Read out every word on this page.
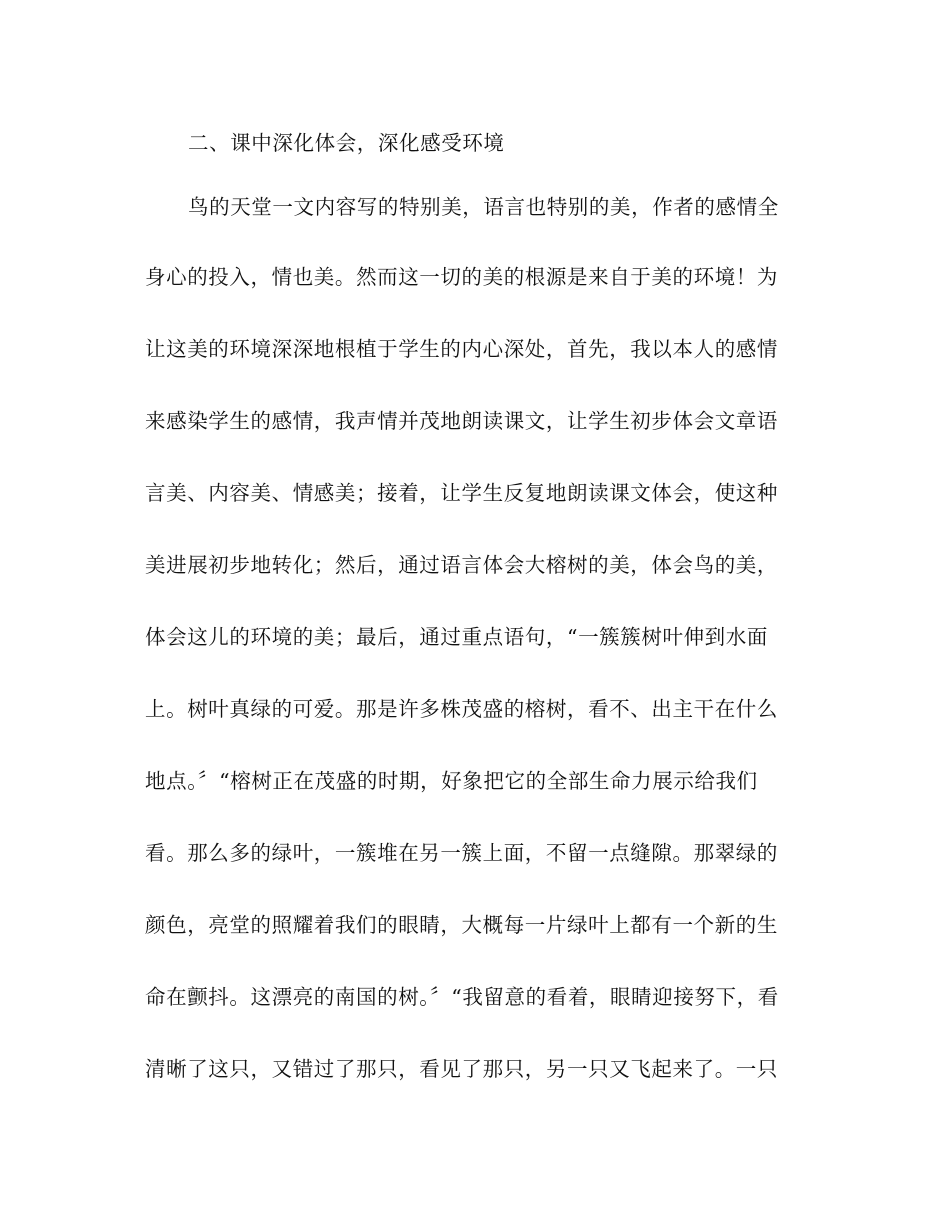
二、课中深化体会，深化感受环境
鸟的天堂一文内容写的特别美，语言也特别的美，作者的感情全
身心的投入，情也美。然而这一切的美的根源是来自于美的环境！为
让这美的环境深深地根植于学生的内心深处，首先，我以本人的感情
来感染学生的感情，我声情并茂地朗读课文，让学生初步体会文章语
言美、内容美、情感美；接着，让学生反复地朗读课文体会，使这种
美进展初步地转化；然后，通过语言体会大榕树的美，体会鸟的美，
体会这儿的环境的美；最后，通过重点语句，“一簇簇树叶伸到水面
上。树叶真绿的可爱。那是许多株茂盛的榕树，看不、出主干在什么
地点。〞“榕树正在茂盛的时期，好象把它的全部生命力展示给我们
看。那么多的绿叶，一簇堆在另一簇上面，不留一点缝隙。那翠绿的
颜色，亮堂的照耀着我们的眼睛，大概每一片绿叶上都有一个新的生
命在颤抖。这漂亮的南国的树。〞“我留意的看着，眼睛迎接努下，看
清晰了这只，又错过了那只，看见了那只，另一只又飞起来了。一只
